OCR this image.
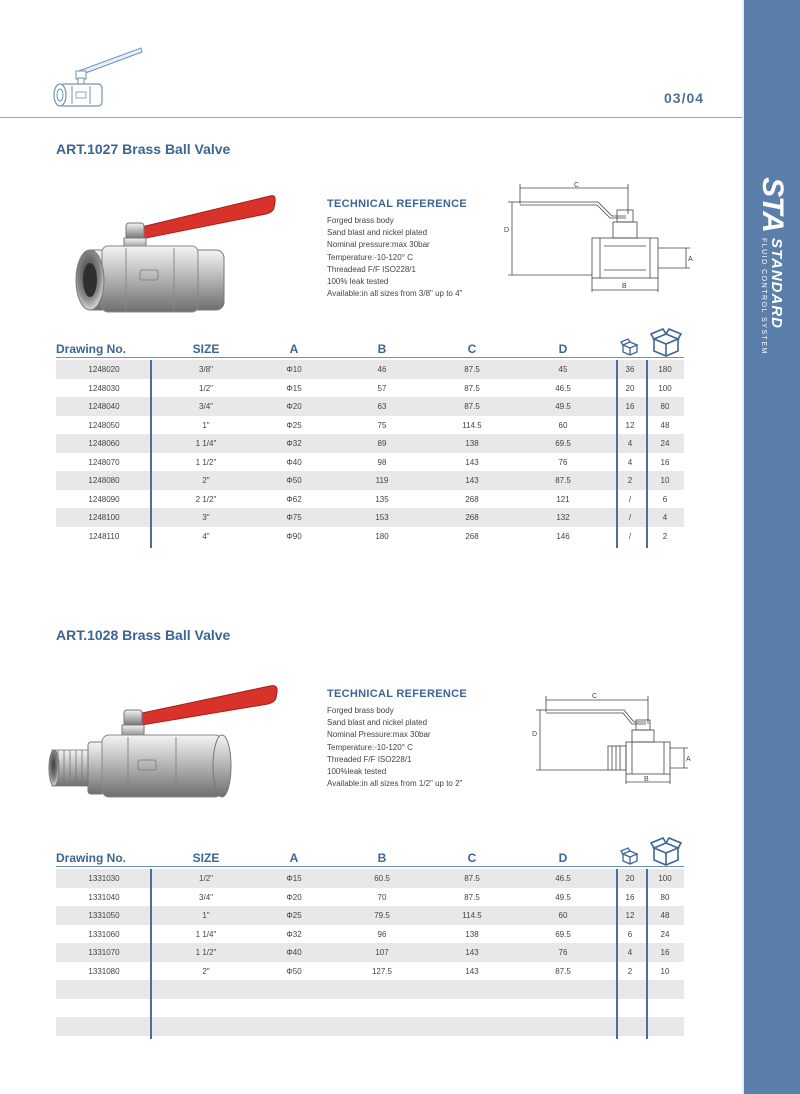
STA
STANDARD
FLUID CONTROL SYSTEM
03/04
ART.1027 Brass Ball Valve
TECHNICAL REFERENCE
Forged brass body
Sand blast and nickel plated
Nominal pressure:max 30bar
Temperature:-10-120° C
Threadead F/F ISO228/1
100% leak tested
Available:in all sizes from 3/8" up to 4"
C
D
A
B
Drawing No.	SIZE	A	B	C	D
1248020	3/8"	Φ10	46	87.5	45	36	180
1248030	1/2"	Φ15	57	87.5	46.5	20	100
1248040	3/4"	Φ20	63	87.5	49.5	16	80
1248050	1"	Φ25	75	114.5	60	12	48
1248060	1 1/4"	Φ32	89	138	69.5	4	24
1248070	1 1/2"	Φ40	98	143	76	4	16
1248080	2"	Φ50	119	143	87.5	2	10
1248090	2 1/2"	Φ62	135	268	121	/	6
1248100	3"	Φ75	153	268	132	/	4
1248110	4"	Φ90	180	268	146	/	2
ART.1028 Brass Ball Valve
TECHNICAL REFERENCE
Forged brass body
Sand blast and nickel plated
Nominal Pressure:max 30bar
Temperature:-10-120° C
Threaded F/F ISO228/1
100%leak tested
Available:in all sizes from 1/2" up to 2"
C
D
A
B
Drawing No.	SIZE	A	B	C	D
1331030	1/2"	Φ15	60.5	87.5	46.5	20	100
1331040	3/4"	Φ20	70	87.5	49.5	16	80
1331050	1"	Φ25	79.5	114.5	60	12	48
1331060	1 1/4"	Φ32	96	138	69.5	6	24
1331070	1 1/2"	Φ40	107	143	76	4	16
1331080	2"	Φ50	127.5	143	87.5	2	10
